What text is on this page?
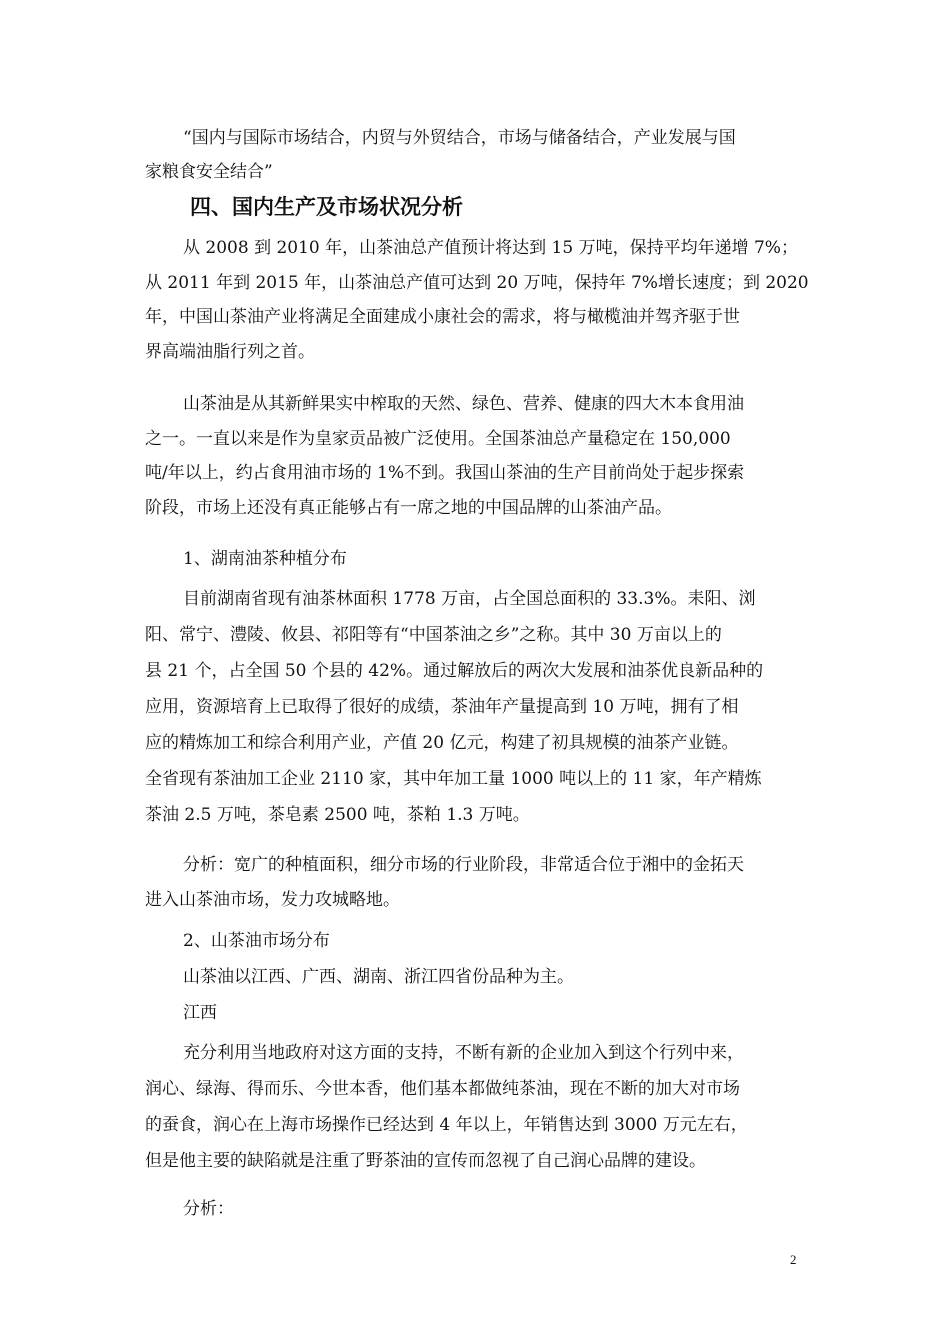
“国内与国际市场结合，内贸与外贸结合，市场与储备结合，产业发展与国
家粮食安全结合”
四、国内生产及市场状况分析
从 2008 到 2010 年，山茶油总产值预计将达到 15 万吨，保持平均年递增 7%；
从 2011 年到 2015 年，山茶油总产值可达到 20 万吨，保持年 7%增长速度；到 2020
年，中国山茶油产业将满足全面建成小康社会的需求，将与橄榄油并驾齐驱于世
界高端油脂行列之首。
山茶油是从其新鲜果实中榨取的天然、绿色、营养、健康的四大木本食用油
之一。一直以来是作为皇家贡品被广泛使用。全国茶油总产量稳定在 150,000
吨/年以上，约占食用油市场的 1%不到。我国山茶油的生产目前尚处于起步探索
阶段，市场上还没有真正能够占有一席之地的中国品牌的山茶油产品。
1、湖南油茶种植分布
目前湖南省现有油茶林面积 1778 万亩，占全国总面积的 33.3%。耒阳、浏
阳、常宁、澧陵、攸县、祁阳等有“中国茶油之乡”之称。其中 30 万亩以上的
县 21 个，占全国 50 个县的 42%。通过解放后的两次大发展和油茶优良新品种的
应用，资源培育上已取得了很好的成绩，茶油年产量提高到 10 万吨，拥有了相
应的精炼加工和综合利用产业，产值 20 亿元，构建了初具规模的油茶产业链。
全省现有茶油加工企业 2110 家，其中年加工量 1000 吨以上的 11 家，年产精炼
茶油 2.5 万吨，茶皂素 2500 吨，茶粕 1.3 万吨。
分析：宽广的种植面积，细分市场的行业阶段，非常适合位于湘中的金拓天
进入山茶油市场，发力攻城略地。
2、山茶油市场分布
山茶油以江西、广西、湖南、浙江四省份品种为主。
江西
充分利用当地政府对这方面的支持，不断有新的企业加入到这个行列中来，
润心、绿海、得而乐、今世本香，他们基本都做纯茶油，现在不断的加大对市场
的蚕食，润心在上海市场操作已经达到 4 年以上，年销售达到 3000 万元左右，
但是他主要的缺陷就是注重了野茶油的宣传而忽视了自己润心品牌的建设。
分析：
2
